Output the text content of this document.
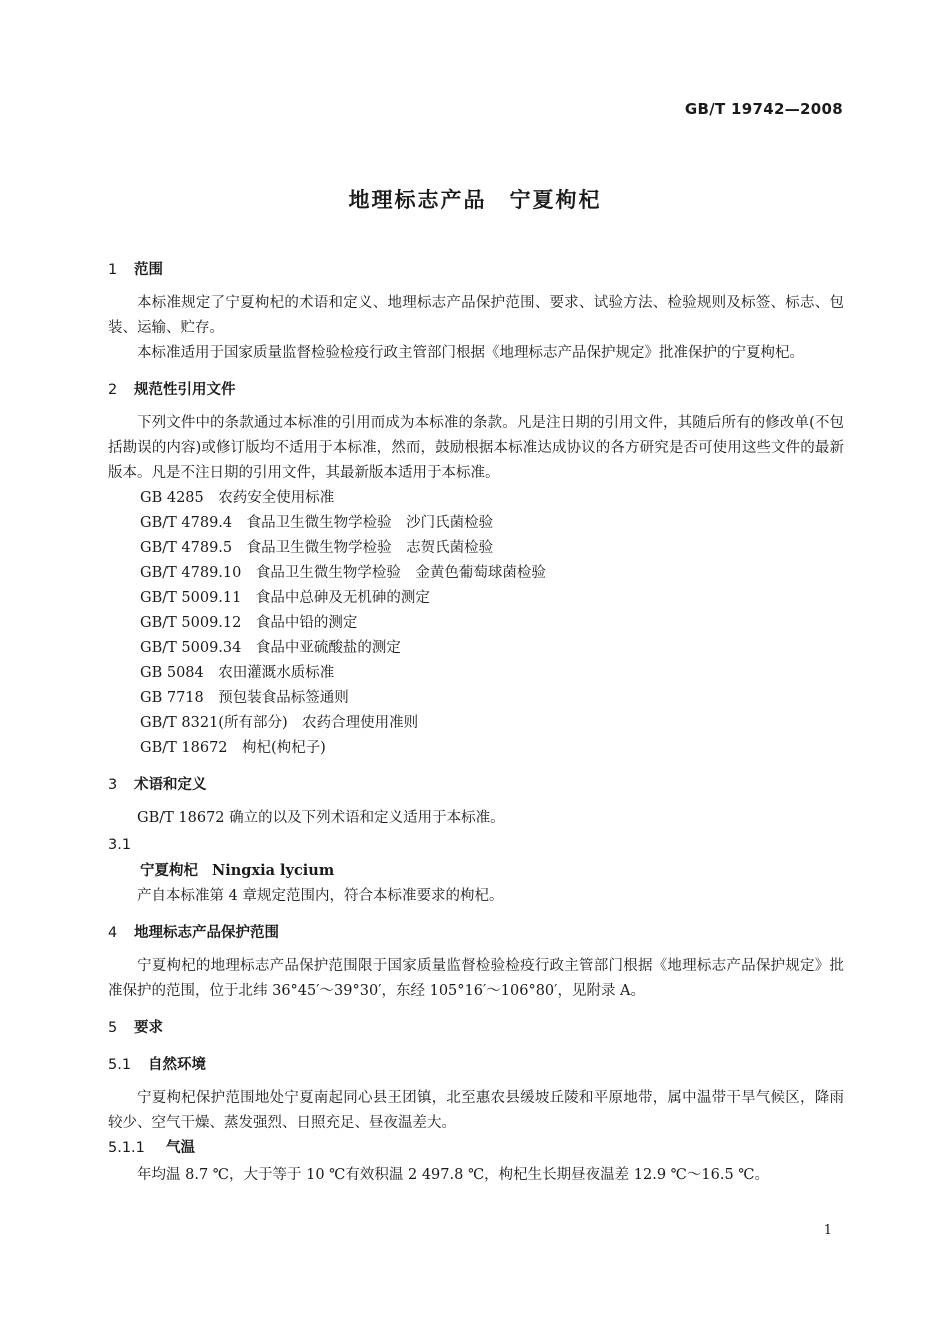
GB/T 19742—2008
地理标志产品　宁夏枸杞
1 范围

本标准规定了宁夏枸杞的术语和定义、地理标志产品保护范围、要求、试验方法、检验规则及标签、标志、包装、运输、贮存。

本标准适用于国家质量监督检验检疫行政主管部门根据《地理标志产品保护规定》批准保护的宁夏枸杞。

2 规范性引用文件

下列文件中的条款通过本标准的引用而成为本标准的条款。凡是注日期的引用文件，其随后所有的修改单(不包括勘误的内容)或修订版均不适用于本标准，然而，鼓励根据本标准达成协议的各方研究是否可使用这些文件的最新版本。凡是不注日期的引用文件，其最新版本适用于本标准。

GB 4285　农药安全使用标准

GB/T 4789.4　食品卫生微生物学检验　沙门氏菌检验

GB/T 4789.5　食品卫生微生物学检验　志贺氏菌检验

GB/T 4789.10　食品卫生微生物学检验　金黄色葡萄球菌检验

GB/T 5009.11　食品中总砷及无机砷的测定

GB/T 5009.12　食品中铅的测定

GB/T 5009.34　食品中亚硫酸盐的测定

GB 5084　农田灌溉水质标准

GB 7718　预包装食品标签通则

GB/T 8321(所有部分)　农药合理使用准则

GB/T 18672　枸杞(枸杞子)

3 术语和定义

GB/T 18672 确立的以及下列术语和定义适用于本标准。

3.1
宁夏枸杞 Ningxia lycium

产自本标准第 4 章规定范围内，符合本标准要求的枸杞。

4 地理标志产品保护范围

宁夏枸杞的地理标志产品保护范围限于国家质量监督检验检疫行政主管部门根据《地理标志产品保护规定》批准保护的范围，位于北纬 36°45′～39°30′，东经 105°16′～106°80′，见附录 A。

5 要求
5.1 自然环境

宁夏枸杞保护范围地处宁夏南起同心县王团镇，北至惠农县缓坡丘陵和平原地带，属中温带干旱气候区，降雨较少、空气干燥、蒸发强烈、日照充足、昼夜温差大。

5.1.1 气温

年均温 8.7 ℃，大于等于 10 ℃有效积温 2 497.8 ℃，枸杞生长期昼夜温差 12.9 ℃～16.5 ℃。

1
